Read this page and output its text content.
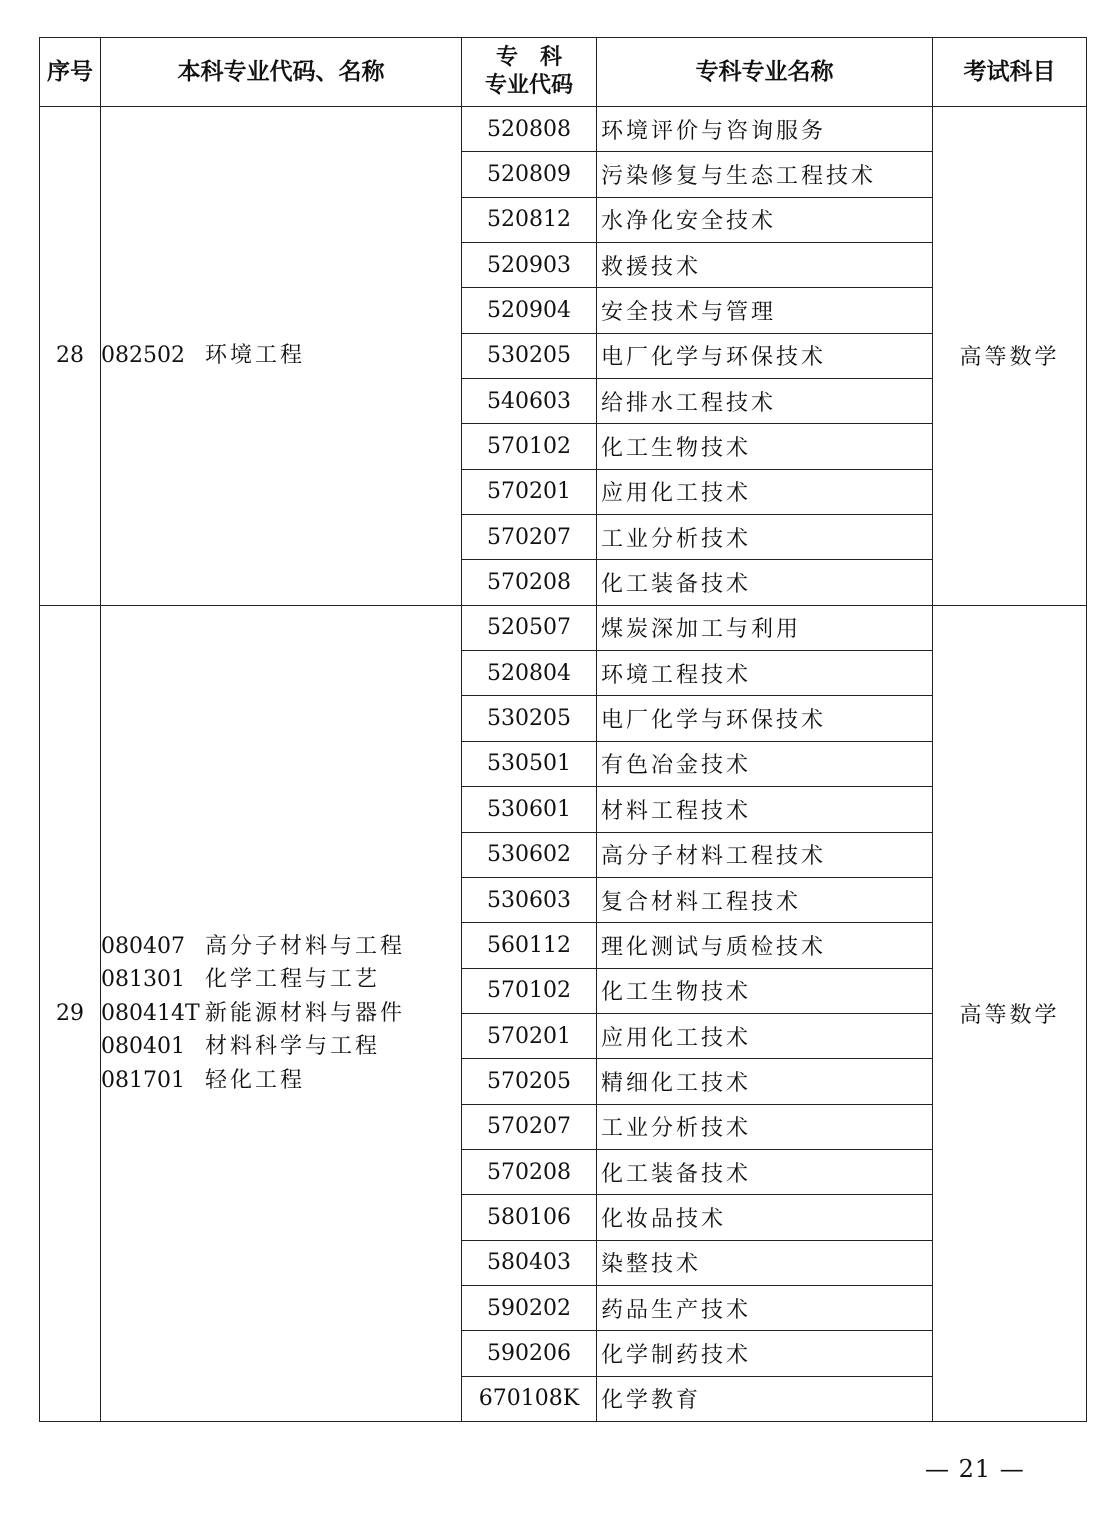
序号	本科专业代码、名称	专　科
专业代码	专科专业名称	考试科目
28	082502 环境工程	520808	环境评价与咨询服务	高等数学
		520809	污染修复与生态工程技术	
		520812	水净化安全技术	
		520903	救援技术	
		520904	安全技术与管理	
		530205	电厂化学与环保技术	
		540603	给排水工程技术	
		570102	化工生物技术	
		570201	应用化工技术	
		570207	工业分析技术	
		570208	化工装备技术	
29	080407 高分子材料与工程
081301 化学工程与工艺
080414T 新能源材料与器件
080401 材料科学与工程
081701 轻化工程	520507	煤炭深加工与利用	高等数学
		520804	环境工程技术	
		530205	电厂化学与环保技术	
		530501	有色冶金技术	
		530601	材料工程技术	
		530602	高分子材料工程技术	
		530603	复合材料工程技术	
		560112	理化测试与质检技术	
		570102	化工生物技术	
		570201	应用化工技术	
		570205	精细化工技术	
		570207	工业分析技术	
		570208	化工装备技术	
		580106	化妆品技术	
		580403	染整技术	
		590202	药品生产技术	
		590206	化学制药技术	
		670108K	化学教育	
— 21 —
